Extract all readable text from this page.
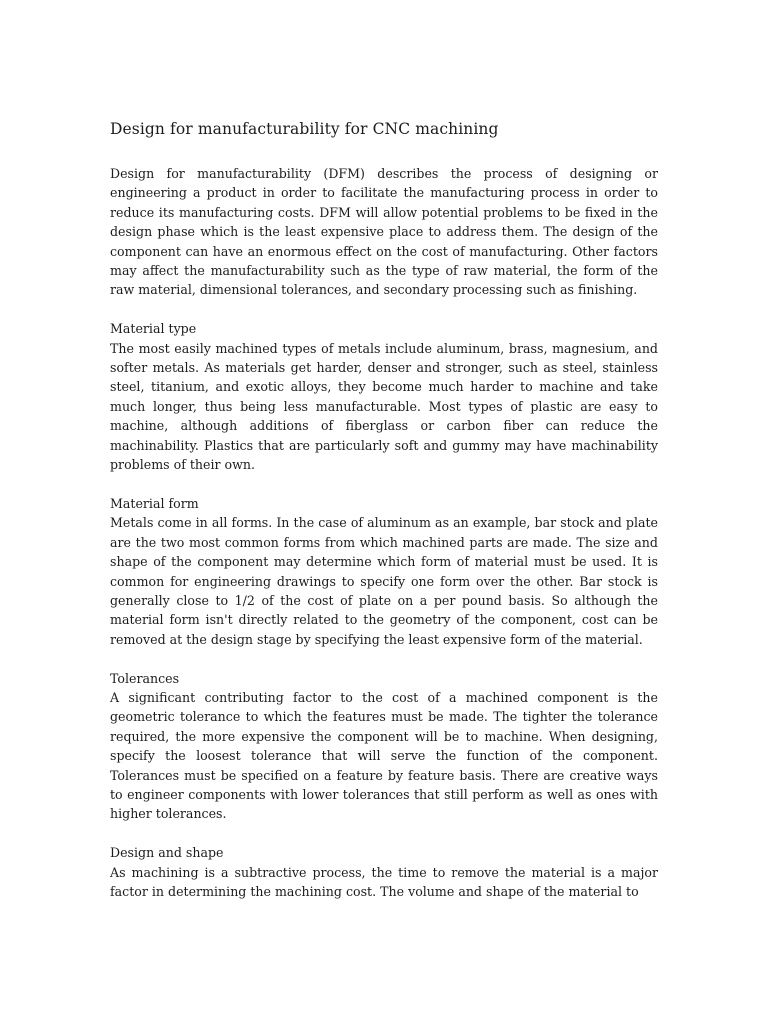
Design for manufacturability for CNC machining

Design for manufacturability (DFM) describes the process of designing or engineering a product in order to facilitate the manufacturing process in order to reduce its manufacturing costs. DFM will allow potential problems to be fixed in the design phase which is the least expensive place to address them. The design of the component can have an enormous effect on the cost of manufacturing. Other factors may affect the manufacturability such as the type of raw material, the form of the raw material, dimensional tolerances, and secondary processing such as finishing.

Material type

The most easily machined types of metals include aluminum, brass, magnesium, and softer metals. As materials get harder, denser and stronger, such as steel, stainless steel, titanium, and exotic alloys, they become much harder to machine and take much longer, thus being less manufacturable. Most types of plastic are easy to machine, although additions of fiberglass or carbon fiber can reduce the machinability. Plastics that are particularly soft and gummy may have machinability problems of their own.

Material form

Metals come in all forms. In the case of aluminum as an example, bar stock and plate are the two most common forms from which machined parts are made. The size and shape of the component may determine which form of material must be used. It is common for engineering drawings to specify one form over the other. Bar stock is generally close to 1/2 of the cost of plate on a per pound basis. So although the material form isn't directly related to the geometry of the component, cost can be removed at the design stage by specifying the least expensive form of the material.

Tolerances

A significant contributing factor to the cost of a machined component is the geometric tolerance to which the features must be made. The tighter the tolerance required, the more expensive the component will be to machine. When designing, specify the loosest tolerance that will serve the function of the component. Tolerances must be specified on a feature by feature basis. There are creative ways to engineer components with lower tolerances that still perform as well as ones with higher tolerances.

Design and shape

As machining is a subtractive process, the time to remove the material is a major factor in determining the machining cost. The volume and shape of the material to
